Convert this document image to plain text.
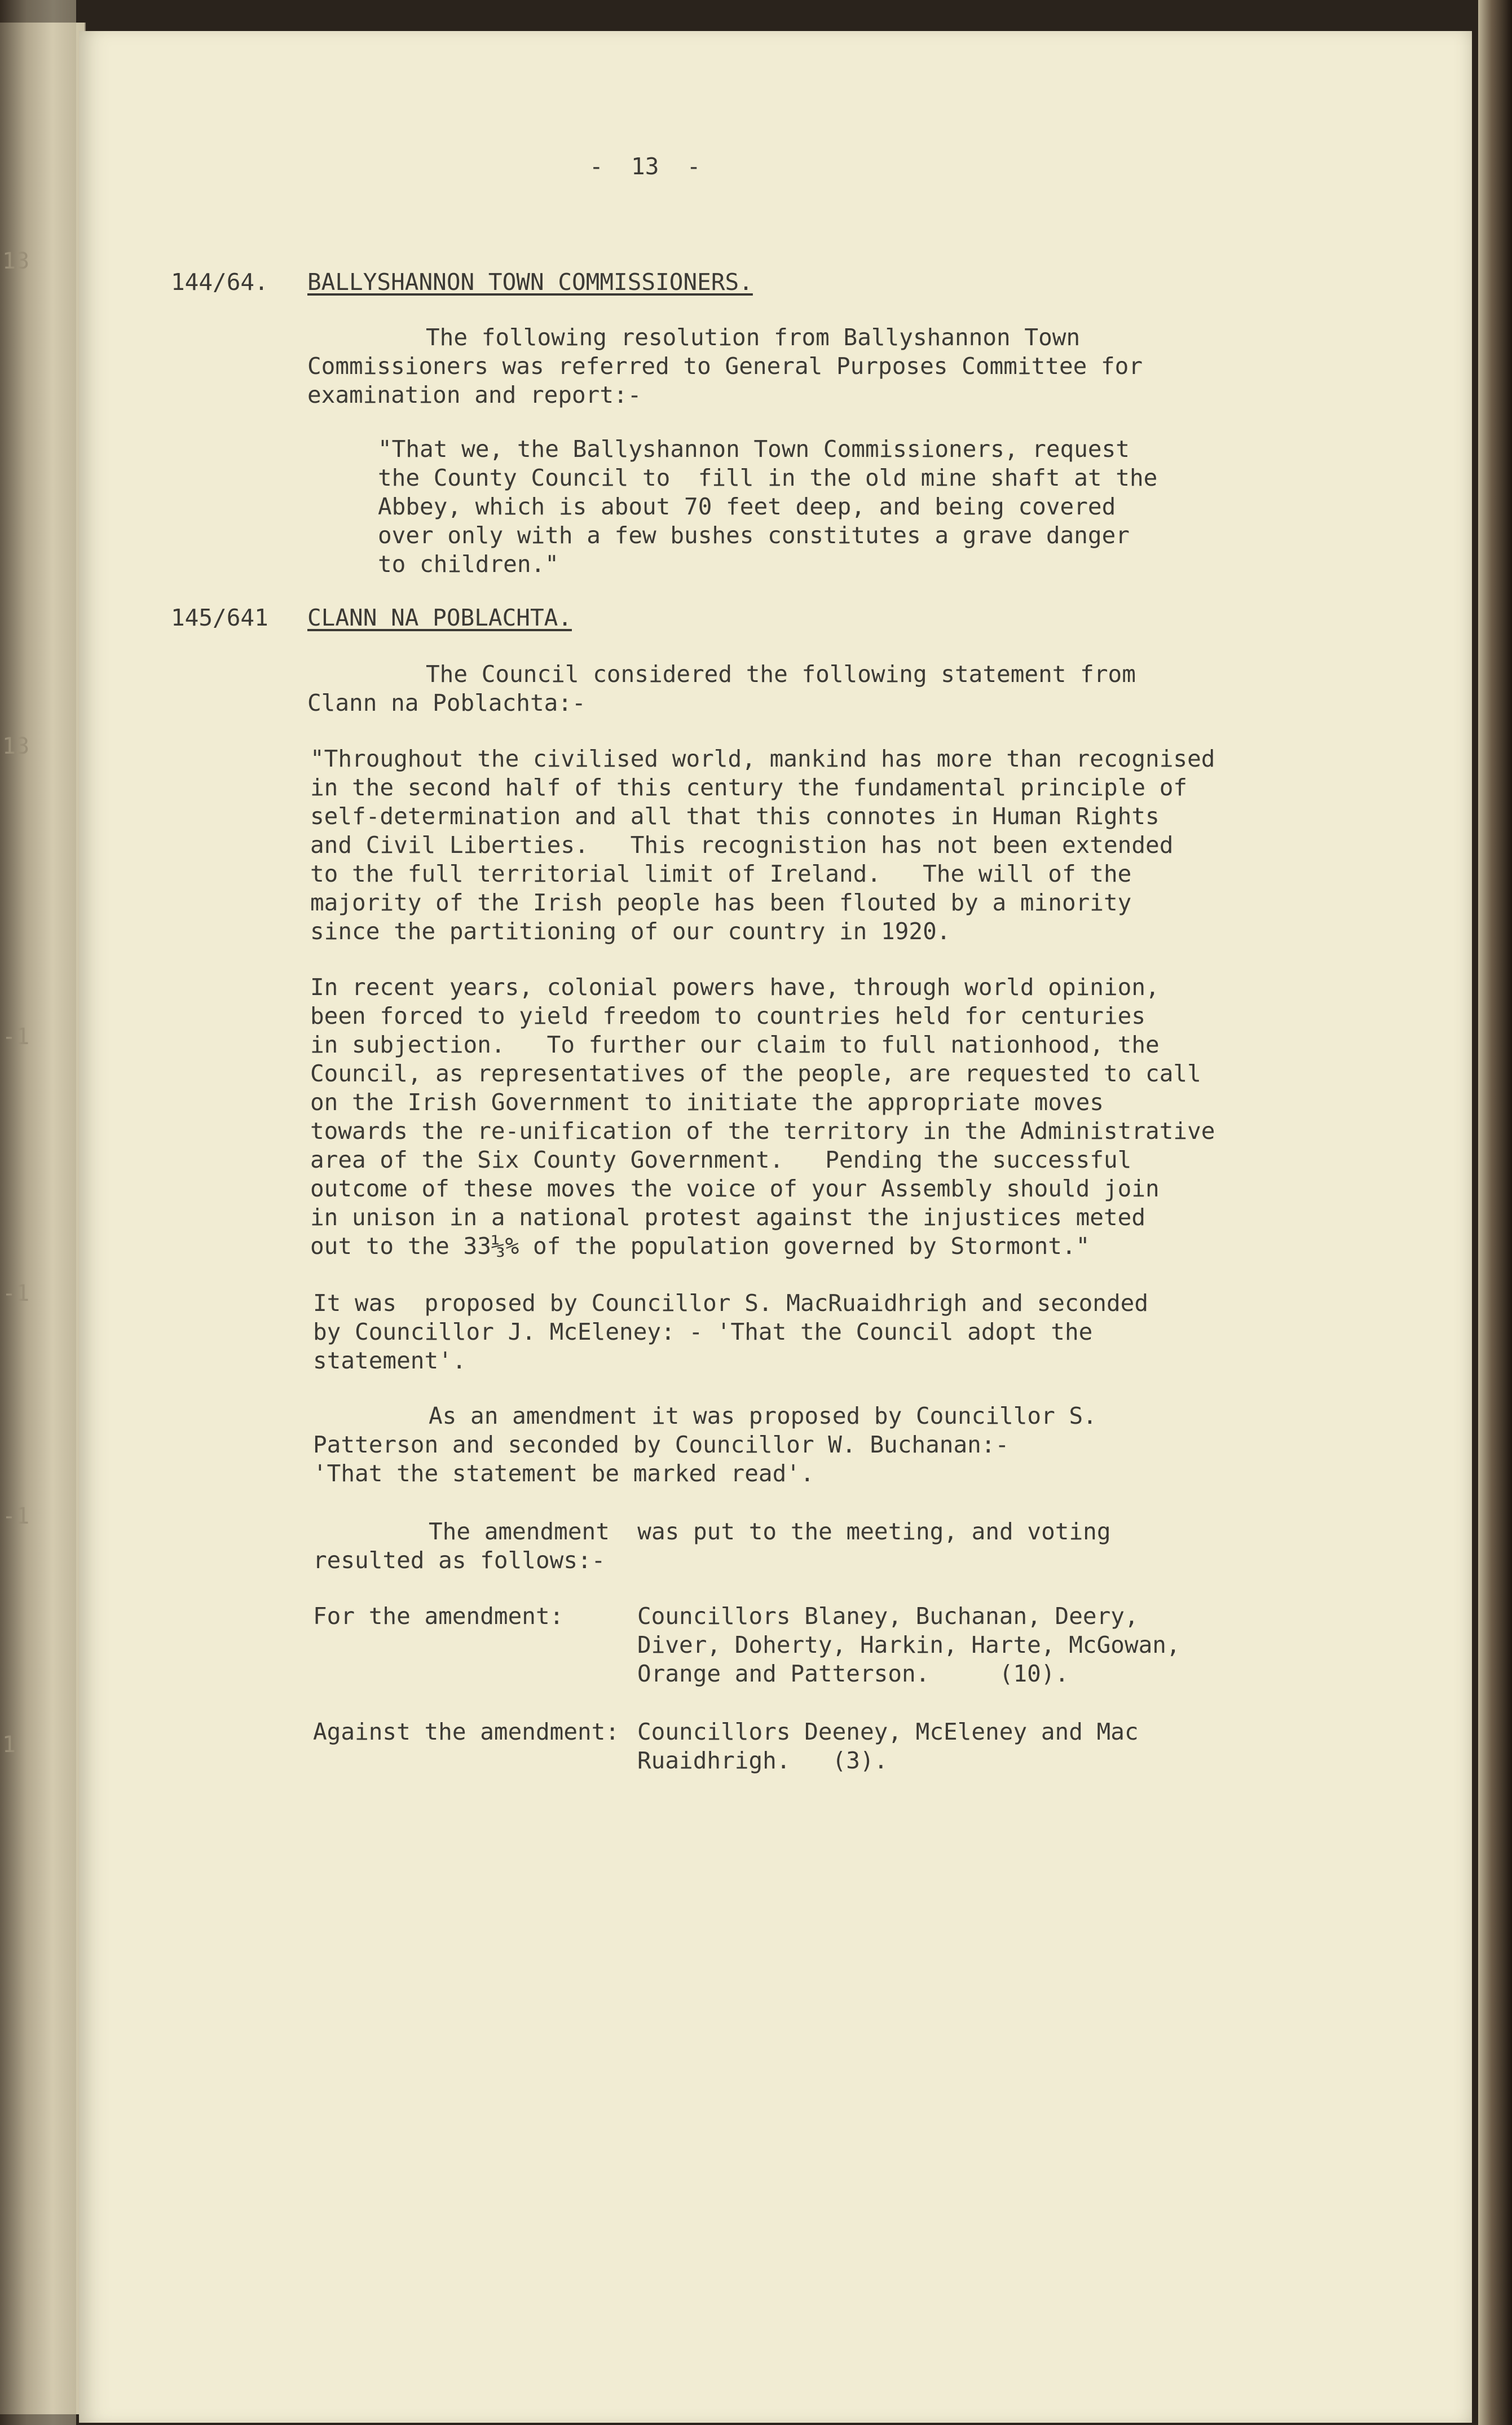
13
13
-1
-1
-1
1
-  13  -
144/64. BALLYSHANNON TOWN COMMISSIONERS.
The following resolution from Ballyshannon Town
Commissioners was referred to General Purposes Committee for
examination and report:-
"That we, the Ballyshannon Town Commissioners, request
the County Council to  fill in the old mine shaft at the
Abbey, which is about 70 feet deep, and being covered
over only with a few bushes constitutes a grave danger
to children."
145/641 CLANN NA POBLACHTA.
The Council considered the following statement from
Clann na Poblachta:-
"Throughout the civilised world, mankind has more than recognised
in the second half of this century the fundamental principle of
self-determination and all that this connotes in Human Rights
and Civil Liberties.   This recognistion has not been extended
to the full territorial limit of Ireland.   The will of the
majority of the Irish people has been flouted by a minority
since the partitioning of our country in 1920.
In recent years, colonial powers have, through world opinion,
been forced to yield freedom to countries held for centuries
in subjection.   To further our claim to full nationhood, the
Council, as representatives of the people, are requested to call
on the Irish Government to initiate the appropriate moves
towards the re-unification of the territory in the Administrative
area of the Six County Government.   Pending the successful
outcome of these moves the voice of your Assembly should join
in unison in a national protest against the injustices meted
out to the 33⅓% of the population governed by Stormont."
It was  proposed by Councillor S. MacRuaidhrigh and seconded
by Councillor J. McEleney: - 'That the Council adopt the
statement'.
As an amendment it was proposed by Councillor S.
Patterson and seconded by Councillor W. Buchanan:-
'That the statement be marked read'.
The amendment  was put to the meeting, and voting
resulted as follows:-
For the amendment:	Councillors Blaney, Buchanan, Deery,
Diver, Doherty, Harkin, Harte, McGowan,
Orange and Patterson.     (10).
Against the amendment: Councillors Deeney, McEleney and Mac
Ruaidhrigh.   (3).
